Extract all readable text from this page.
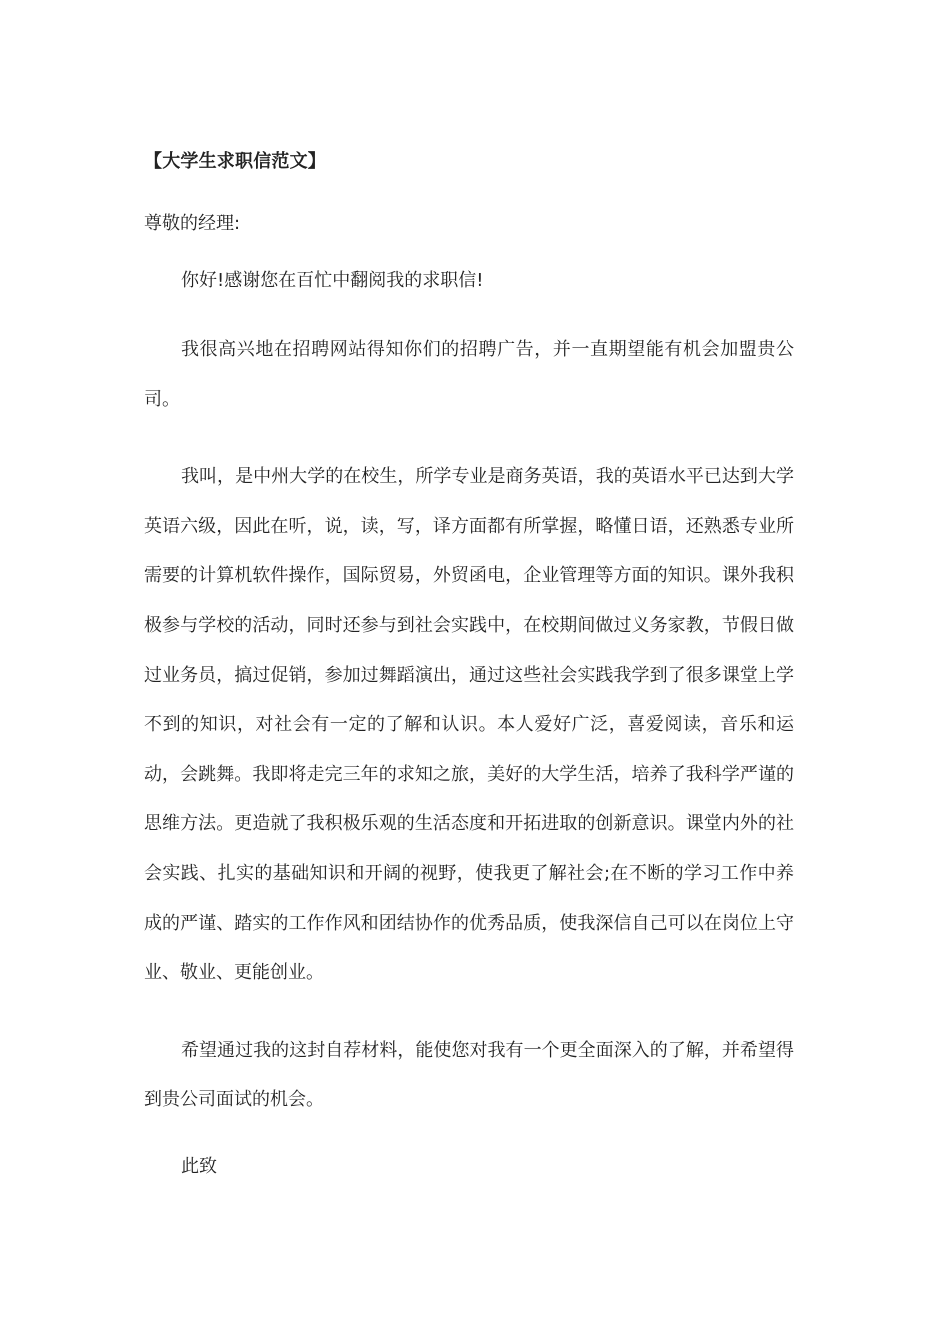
【大学生求职信范文】

尊敬的经理:

你好!感谢您在百忙中翻阅我的求职信!

我很高兴地在招聘网站得知你们的招聘广告，并一直期望能有机会加盟贵公司。

我叫，是中州大学的在校生，所学专业是商务英语，我的英语水平已达到大学英语六级，因此在听，说，读，写，译方面都有所掌握，略懂日语，还熟悉专业所需要的计算机软件操作，国际贸易，外贸函电，企业管理等方面的知识。课外我积极参与学校的活动，同时还参与到社会实践中，在校期间做过义务家教，节假日做过业务员，搞过促销，参加过舞蹈演出，通过这些社会实践我学到了很多课堂上学不到的知识，对社会有一定的了解和认识。本人爱好广泛，喜爱阅读，音乐和运动，会跳舞。我即将走完三年的求知之旅，美好的大学生活，培养了我科学严谨的思维方法。更造就了我积极乐观的生活态度和开拓进取的创新意识。课堂内外的社会实践、扎实的基础知识和开阔的视野，使我更了解社会;在不断的学习工作中养成的严谨、踏实的工作作风和团结协作的优秀品质，使我深信自己可以在岗位上守业、敬业、更能创业。

希望通过我的这封自荐材料，能使您对我有一个更全面深入的了解，并希望得到贵公司面试的机会。

此致
